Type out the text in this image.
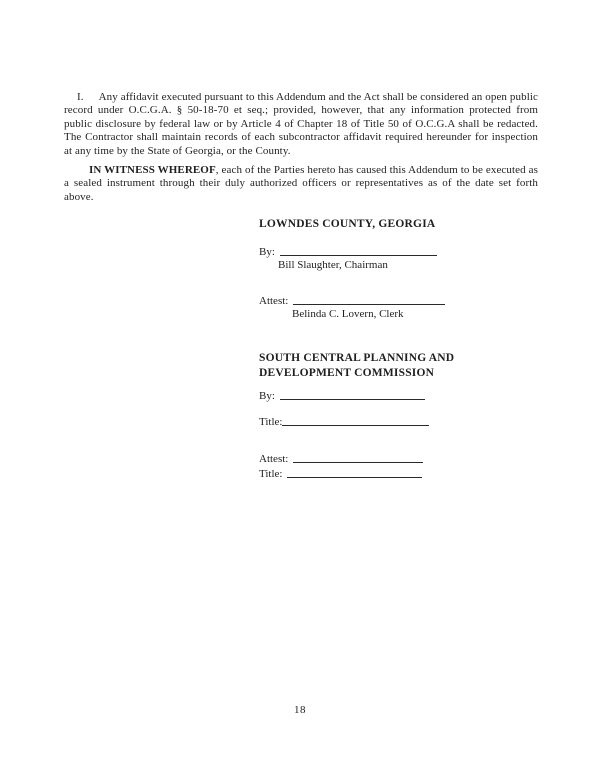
I. Any affidavit executed pursuant to this Addendum and the Act shall be considered an open public record under O.C.G.A. § 50-18-70 et seq.; provided, however, that any information protected from public disclosure by federal law or by Article 4 of Chapter 18 of Title 50 of O.C.G.A shall be redacted. The Contractor shall maintain records of each subcontractor affidavit required hereunder for inspection at any time by the State of Georgia, or the County.

IN WITNESS WHEREOF, each of the Parties hereto has caused this Addendum to be executed as a sealed instrument through their duly authorized officers or representatives as of the date set forth above.

LOWNDES COUNTY, GEORGIA

By:

Bill Slaughter, Chairman

Attest:

Belinda C. Lovern, Clerk

SOUTH CENTRAL PLANNING AND

DEVELOPMENT COMMISSION

By:
Title:
Attest:
Title:
18
